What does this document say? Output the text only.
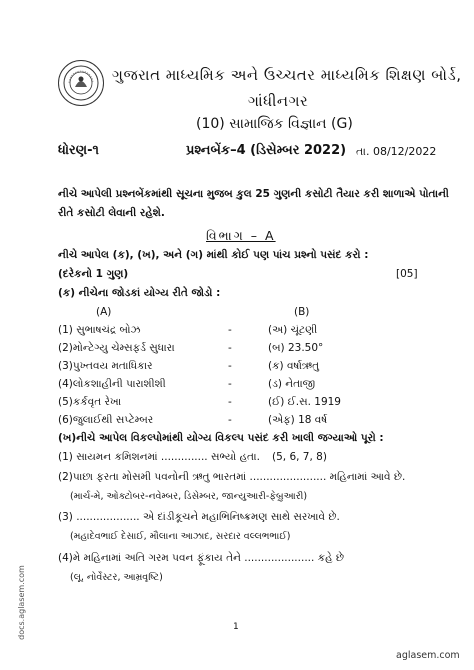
ગુજરાત માધ્યમિક અને ઉચ્ચતર માધ્યમિક શિક્ષણ બોર્ડ,
ગાંધીનગર
(10) સામાજિક વિજ્ઞાન (G)
ધોરણ-૧	પ્રશ્નબેંક–4 (ડિસેમ્બર 2022) તા. 08/12/2022
નીચે આપેલી પ્રશ્નબેંકમાંથી સૂચના મુજબ કુલ 25 ગુણની કસોટી તૈયાર કરી શાળાએ પોતાની
રીતે કસોટી લેવાની રહેશે.
વિભાગ – A
નીચે આપેલ (ક), (ખ), અને (ગ) માંથી કોઈ પણ પાંચ પ્રશ્નો પસંદ કરો :
(દરેકનો 1 ગુણ)	[05]
(ક) નીચેના જોડકાં યોગ્ય રીતે જોડો :
(A)	(B)
(1) સુભાષચંદ્ર બોઝ	-	(અ) ચૂંટણી
(2)મોન્ટેગ્યુ ચેમ્સફર્ડ સુધારા	-	(બ) 23.50°
(3)પુખ્તવય મતાધિકાર	-	(ક) વર્ષાઋતુ
(4)લોકશાહીની પારાશીશી	-	(ડ) નેતાજી
(5)કર્કવૃત રેખા	-	(ઈ) ઈ.સ. 1919
(6)જુલાઈથી સપ્ટેમ્બર	-	(એફ) 18 વર્ષ
(ખ)નીચે આપેલ વિકલ્પોમાંથી યોગ્ય વિકલ્પ પસંદ કરી ખાલી જગ્યાઓ પૂરો :
(1) સાયમન કમિશનમાં .............. સભ્યો હતા. (5, 6, 7, 8)
(2)પાછા ફરતા મોસમી પવનોની ઋતુ ભારતમાં ....................... મહિનામાં આવે છે.
(માર્ચ-મે, ઓક્ટોબર-નવેમ્બર, ડિસેમ્બર, જાન્યુઆરી-ફેબ્રુઆરી)
(3) ................... એ દાંડીકૂચને મહાભિનિષ્ક્રમણ સાથે સરખાવે છે.
(મહાદેવભાઈ દેસાઈ, મૌલાના આઝાદ, સરદાર વલ્લભભાઈ)
(4)મે મહિનામાં અતિ ગરમ પવન ફૂંકાય તેને ..................... કહે છે
(લૂ, નોર્વેસ્ટર, આમ્રવૃષ્ટિ)
1
aglasem.com
docs.aglasem.com
